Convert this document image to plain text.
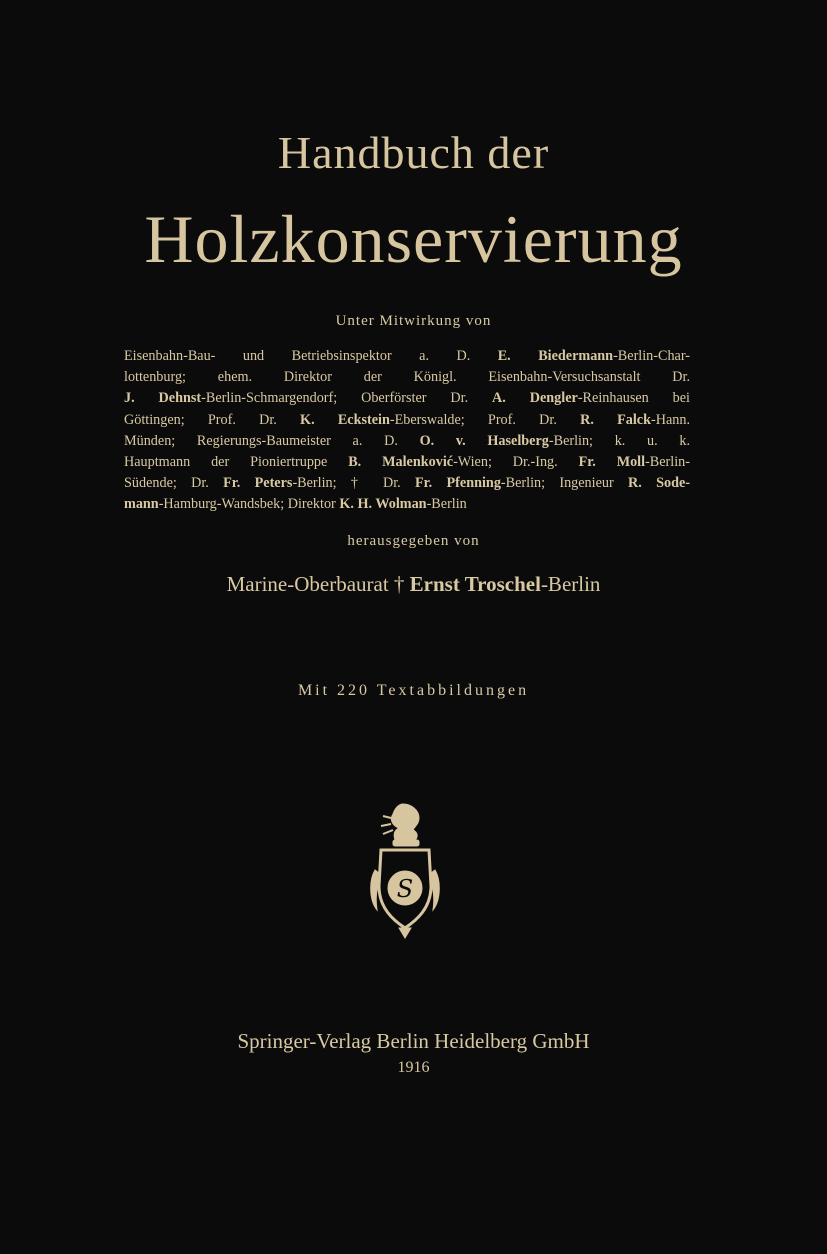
Handbuch der
Holzkonservierung
Unter Mitwirkung von
Eisenbahn-Bau- und Betriebsinspektor a. D. E. Biedermann-Berlin-Char-
lottenburg; ehem. Direktor der Königl. Eisenbahn-Versuchsanstalt Dr.
J. Dehnst-Berlin-Schmargendorf; Oberförster Dr. A. Dengler-Reinhausen bei
Göttingen; Prof. Dr. K. Eckstein-Eberswalde; Prof. Dr. R. Falck-Hann.
Münden; Regierungs-Baumeister a. D. O. v. Haselberg-Berlin; k. u. k.
Hauptmann der Pioniertruppe B. Malenković-Wien; Dr.-Ing. Fr. Moll-Berlin-
Südende; Dr. Fr. Peters-Berlin; † Dr. Fr. Pfenning-Berlin; Ingenieur R. Sode-
mann-Hamburg-Wandsbek; Direktor K. H. Wolman-Berlin
herausgegeben von
Marine-Oberbaurat † Ernst Troschel-Berlin
Mit 220 Textabbildungen
S
Springer-Verlag Berlin Heidelberg GmbH
1916
